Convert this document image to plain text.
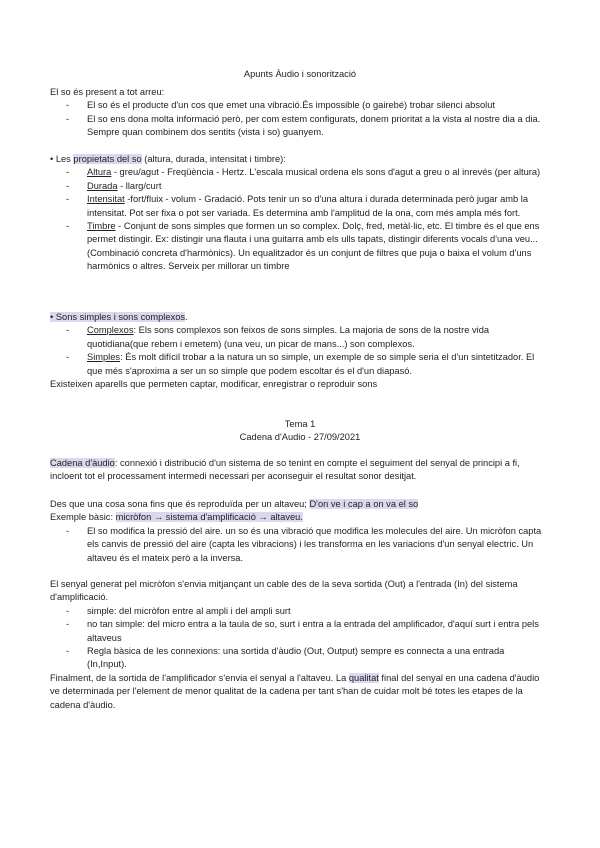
Apunts Àudio i sonorització
El so és present a tot arreu:
- El so és el producte d'un cos que emet una vibració.És impossible (o gairebé) trobar silenci absolut
- El so ens dona molta informació però, per com estem configurats, donem prioritat a la vista al nostre dia a dia. Sempre quan combinem dos sentits (vista i so) guanyem.
• Les propietats del so (altura, durada, intensitat i timbre):
- Altura - greu/agut - Freqüència - Hertz. L'escala musical ordena els sons d'agut a greu o al inrevés (per altura)
- Durada - llarg/curt
- Intensitat -fort/fluix - volum - Gradació. Pots tenir un so d'una altura i durada determinada però jugar amb la intensitat. Pot ser fixa o pot ser variada. Es determina amb l'amplitud de la ona, com més ampla més fort.
- Timbre - Conjunt de sons simples que formen un so complex. Dolç, fred, metàl·lic, etc. El timbre és el que ens permet distingir. Ex: distingir una flauta i una guitarra amb els ulls tapats, distingir diferents vocals d'una veu... (Combinació concreta d'harmònics). Un equalitzador és un conjunt de filtres que puja o baixa el volum d'uns harmònics o altres. Serveix per millorar un timbre
• Sons simples i sons complexos.
- Complexos: Els sons complexos son feixos de sons simples. La majoria de sons de la nostre vida quotidiana(que rebem i emetem) (una veu, un picar de mans...) son complexos.
- Simples: És molt difícil trobar a la natura un so simple, un exemple de so simple seria el d'un sintetitzador. El que més s'aproxima a ser un so simple que podem escoltar és el d'un diapasó.
Existeixen aparells que permeten captar, modificar, enregistrar o reproduir sons
Tema 1
Cadena d'Audio - 27/09/2021
Cadena d'àudio: connexió i distribució d'un sistema de so tenint en compte el seguiment del senyal de principi a fi, incloent tot el processament intermedi necessari per aconseguir el resultat sonor desitjat.
Des que una cosa sona fins que és reproduïda per un altaveu; D'on ve i cap a on va el so
Exemple bàsic: micròfon → sistema d'amplificació → altaveu.
- El so modifica la pressió del aire. un so és una vibració que modifica les molecules del aire. Un micròfon capta els canvis de pressió del aire (capta les vibracions) i les transforma en les variacions d'un senyal electric. Un altaveu és el mateix però a la inversa.
El senyal generat pel micròfon s'envia mitjançant un cable des de la seva sortida (Out) a l'entrada (In) del sistema d'amplificació.
- simple: del micròfon entre al ampli i del ampli surt
- no tan simple: del micro entra a la taula de so, surt i entra a la entrada del amplificador, d'aquí surt i entra pels altaveus
- Regla bàsica de les connexions: una sortida d'àudio (Out, Output) sempre es connecta a una entrada (In,Input).
Finalment, de la sortida de l'amplificador s'envia el senyal a l'altaveu. La qualitat final del senyal en una cadena d'àudio ve determinada per l'element de menor qualitat de la cadena per tant s'han de cuidar molt bé totes les etapes de la cadena d'àudio.
